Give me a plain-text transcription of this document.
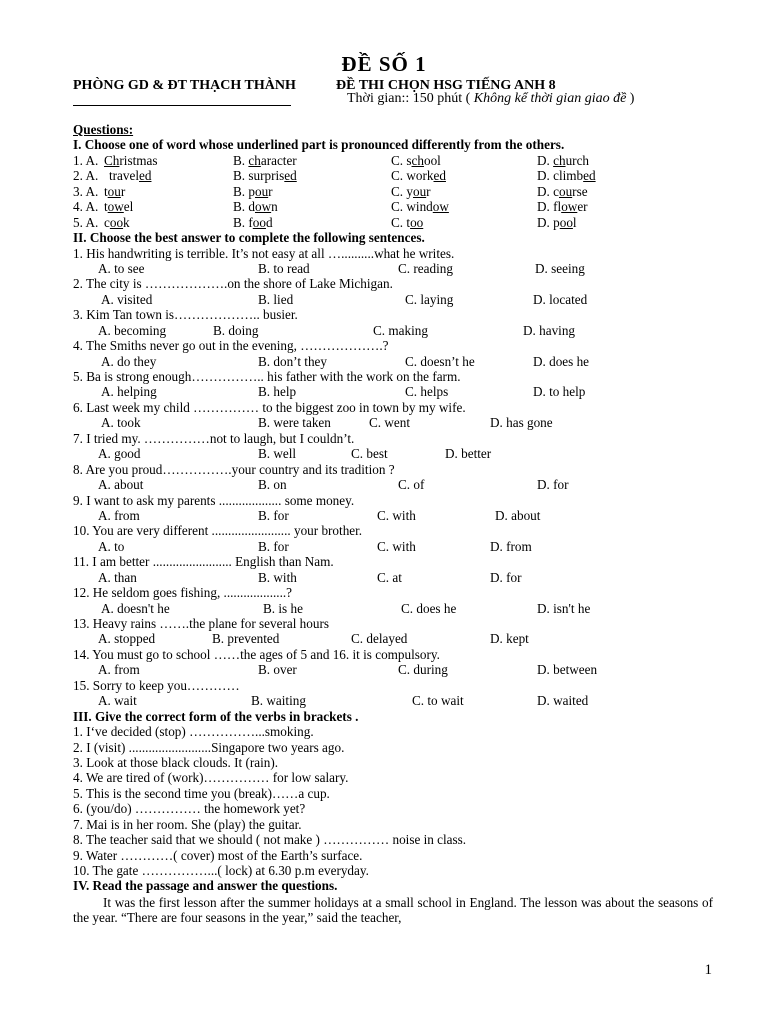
ĐỀ SỐ 1
PHÒNG GD & ĐT THẠCH THÀNH	ĐỀ THI CHỌN HSG TIẾNG ANH 8
Thời gian:: 150 phút ( Không kể thời gian giao đề )
Questions:
I. Choose one of word whose underlined part is pronounced differently from the others.
1. A. Christmas	B. character	C. school	D. church
2. A. traveled	B. surprised	C. worked	D. climbed
3. A. tour	B. pour	C. your	D. course
4. A. towel	B. down	C. window	D. flower
5. A. cook	B. food	C. too	D. pool
II. Choose the best answer to complete the following sentences.
1. His handwriting is terrible. It’s not easy at all …..........what he writes.
A. to see	B. to read	C. reading	D. seeing
2. The city is ……………….on the shore of Lake Michigan.
A. visited	B. lied	C. laying	D. located
3. Kim Tan town is……………….. busier.
A. becoming	B. doing	C. making	D. having
4. The Smiths never go out in the evening, ……………….?
A. do they	B. don’t they	C. doesn’t he	D. does he
5. Ba is strong enough…………….. his father with the work on the farm.
A. helping	B. help	C. helps	D. to help
6. Last week my child …………… to the biggest zoo in town by my wife.
A. took	B. were taken	C. went	D. has gone
7. I tried my. ……………not to laugh, but I couldn’t.
A. good	B. well	C. best	D. better
8. Are you proud…………….your country and its tradition ?
A. about	B. on	C. of	D. for
9. I want to ask my parents ................... some money.
A. from	B. for	C. with	D. about
10. You are very different ........................ your brother.
A. to	B. for	C. with	D. from
11. I am better ........................ English than Nam.
A. than	B. with	C. at	D. for
12. He seldom goes fishing, ...................?
A. doesn't he	B. is he	C. does he	D. isn't he
13. Heavy rains …….the plane for several hours
A. stopped	B. prevented	C. delayed	D. kept
14. You must go to school ……the ages of 5 and 16. it is compulsory.
A. from	B. over	C. during	D. between
15. Sorry to keep you…………
A. wait	B. waiting	C. to wait	D. waited
III. Give the correct form of the verbs in brackets .
1. I‘ve decided (stop) ……………...smoking.
2. I (visit) .........................Singapore two years ago.
3. Look at those black clouds. It (rain).
4. We are tired of (work)…………… for low salary.
5. This is the second time you (break)……a cup.
6. (you/do) …………… the homework yet?
7. Mai is in her room. She (play) the guitar.
8. The teacher said that we should ( not make ) …………… noise in class.
9. Water …………( cover) most of the Earth’s surface.
10. The gate ……………...( lock) at 6.30 p.m everyday.
IV. Read the passage and answer the questions.
It was the first lesson after the summer holidays at a small school in England. The lesson was about the seasons of the year. “There are four seasons in the year,” said the teacher,
1
